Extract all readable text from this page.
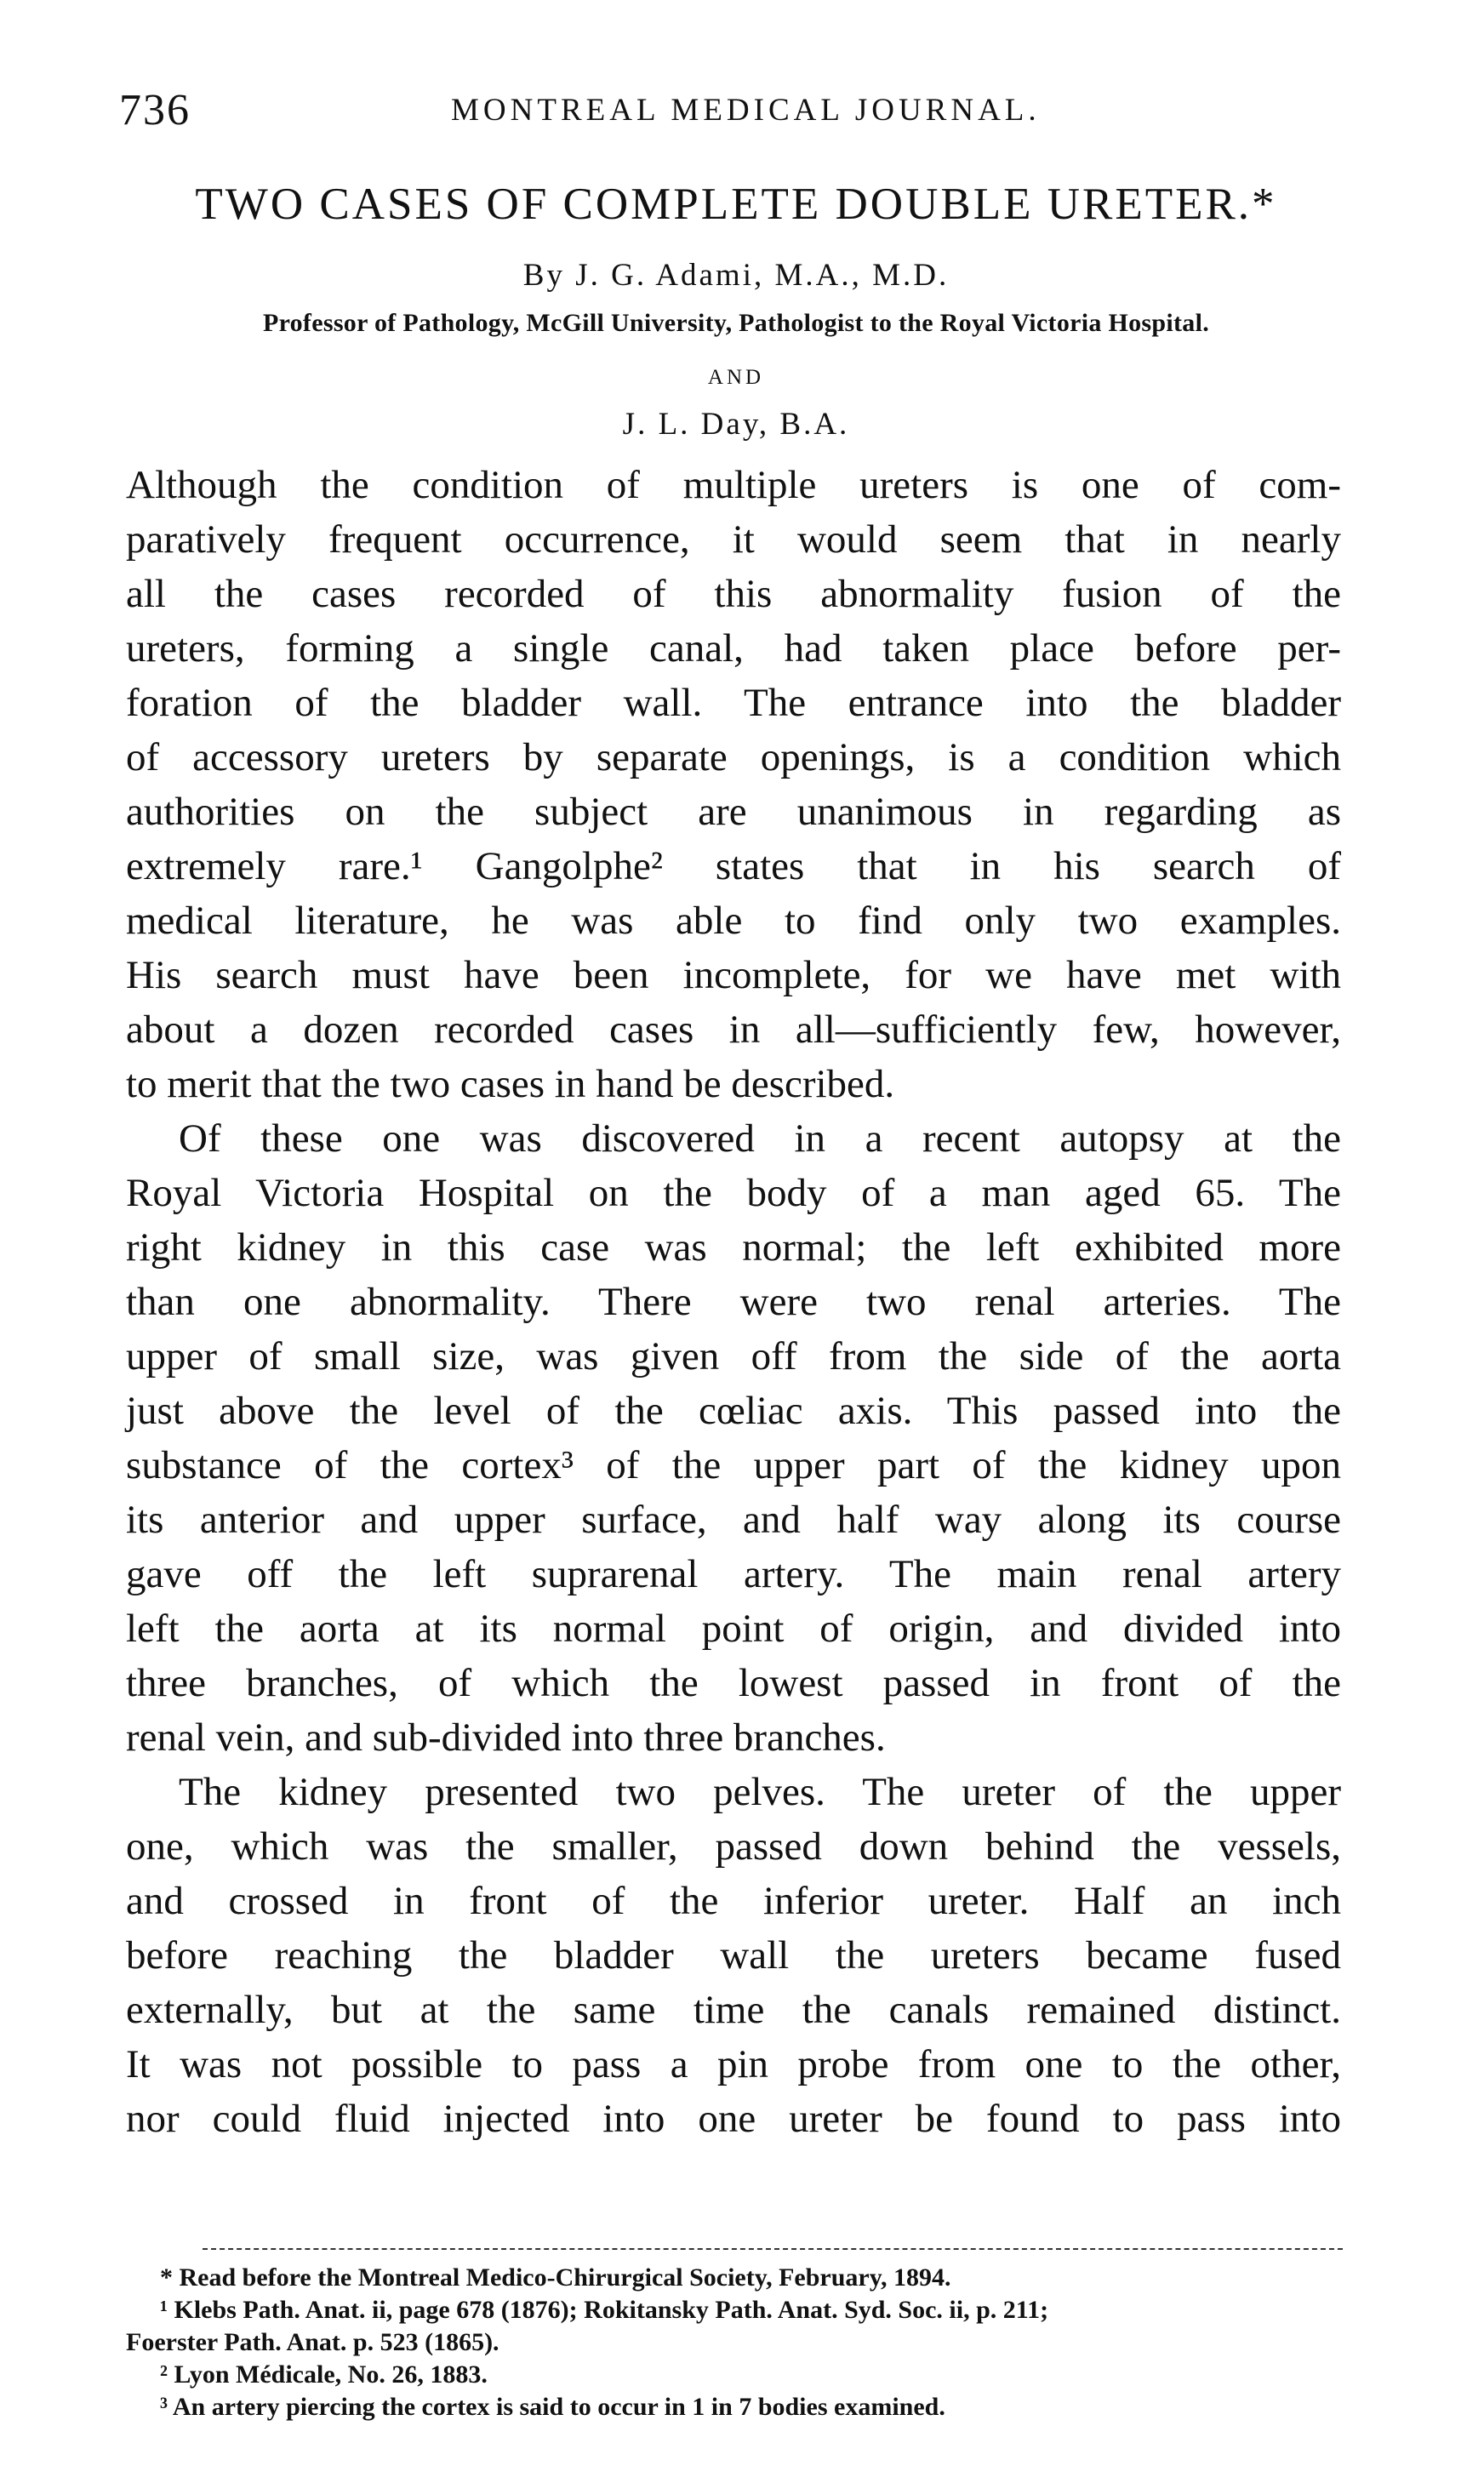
736	MONTREAL MEDICAL JOURNAL.
TWO CASES OF COMPLETE DOUBLE URETER.*
By J. G. Adami, M.A., M.D.
Professor of Pathology, McGill University, Pathologist to the Royal Victoria Hospital.
AND
J. L. Day, B.A.
Although the condition of multiple ureters is one of com-
paratively frequent occurrence, it would seem that in nearly
all the cases recorded of this abnormality fusion of the
ureters, forming a single canal, had taken place before per-
foration of the bladder wall. The entrance into the bladder
of accessory ureters by separate openings, is a condition which
authorities on the subject are unanimous in regarding as
extremely rare.¹ Gangolphe² states that in his search of
medical literature, he was able to find only two examples.
His search must have been incomplete, for we have met with
about a dozen recorded cases in all—sufficiently few, however,
to merit that the two cases in hand be described.
Of these one was discovered in a recent autopsy at the
Royal Victoria Hospital on the body of a man aged 65. The
right kidney in this case was normal; the left exhibited more
than one abnormality. There were two renal arteries. The
upper of small size, was given off from the side of the aorta
just above the level of the cœliac axis. This passed into the
substance of the cortex³ of the upper part of the kidney upon
its anterior and upper surface, and half way along its course
gave off the left suprarenal artery. The main renal artery
left the aorta at its normal point of origin, and divided into
three branches, of which the lowest passed in front of the
renal vein, and sub-divided into three branches.
The kidney presented two pelves. The ureter of the upper
one, which was the smaller, passed down behind the vessels,
and crossed in front of the inferior ureter. Half an inch
before reaching the bladder wall the ureters became fused
externally, but at the same time the canals remained distinct.
It was not possible to pass a pin probe from one to the other,
nor could fluid injected into one ureter be found to pass into
* Read before the Montreal Medico-Chirurgical Society, February, 1894.
¹ Klebs Path. Anat. ii, page 678 (1876); Rokitansky Path. Anat. Syd. Soc. ii, p. 211;
Foerster Path. Anat. p. 523 (1865).
² Lyon Médicale, No. 26, 1883.
³ An artery piercing the cortex is said to occur in 1 in 7 bodies examined.
